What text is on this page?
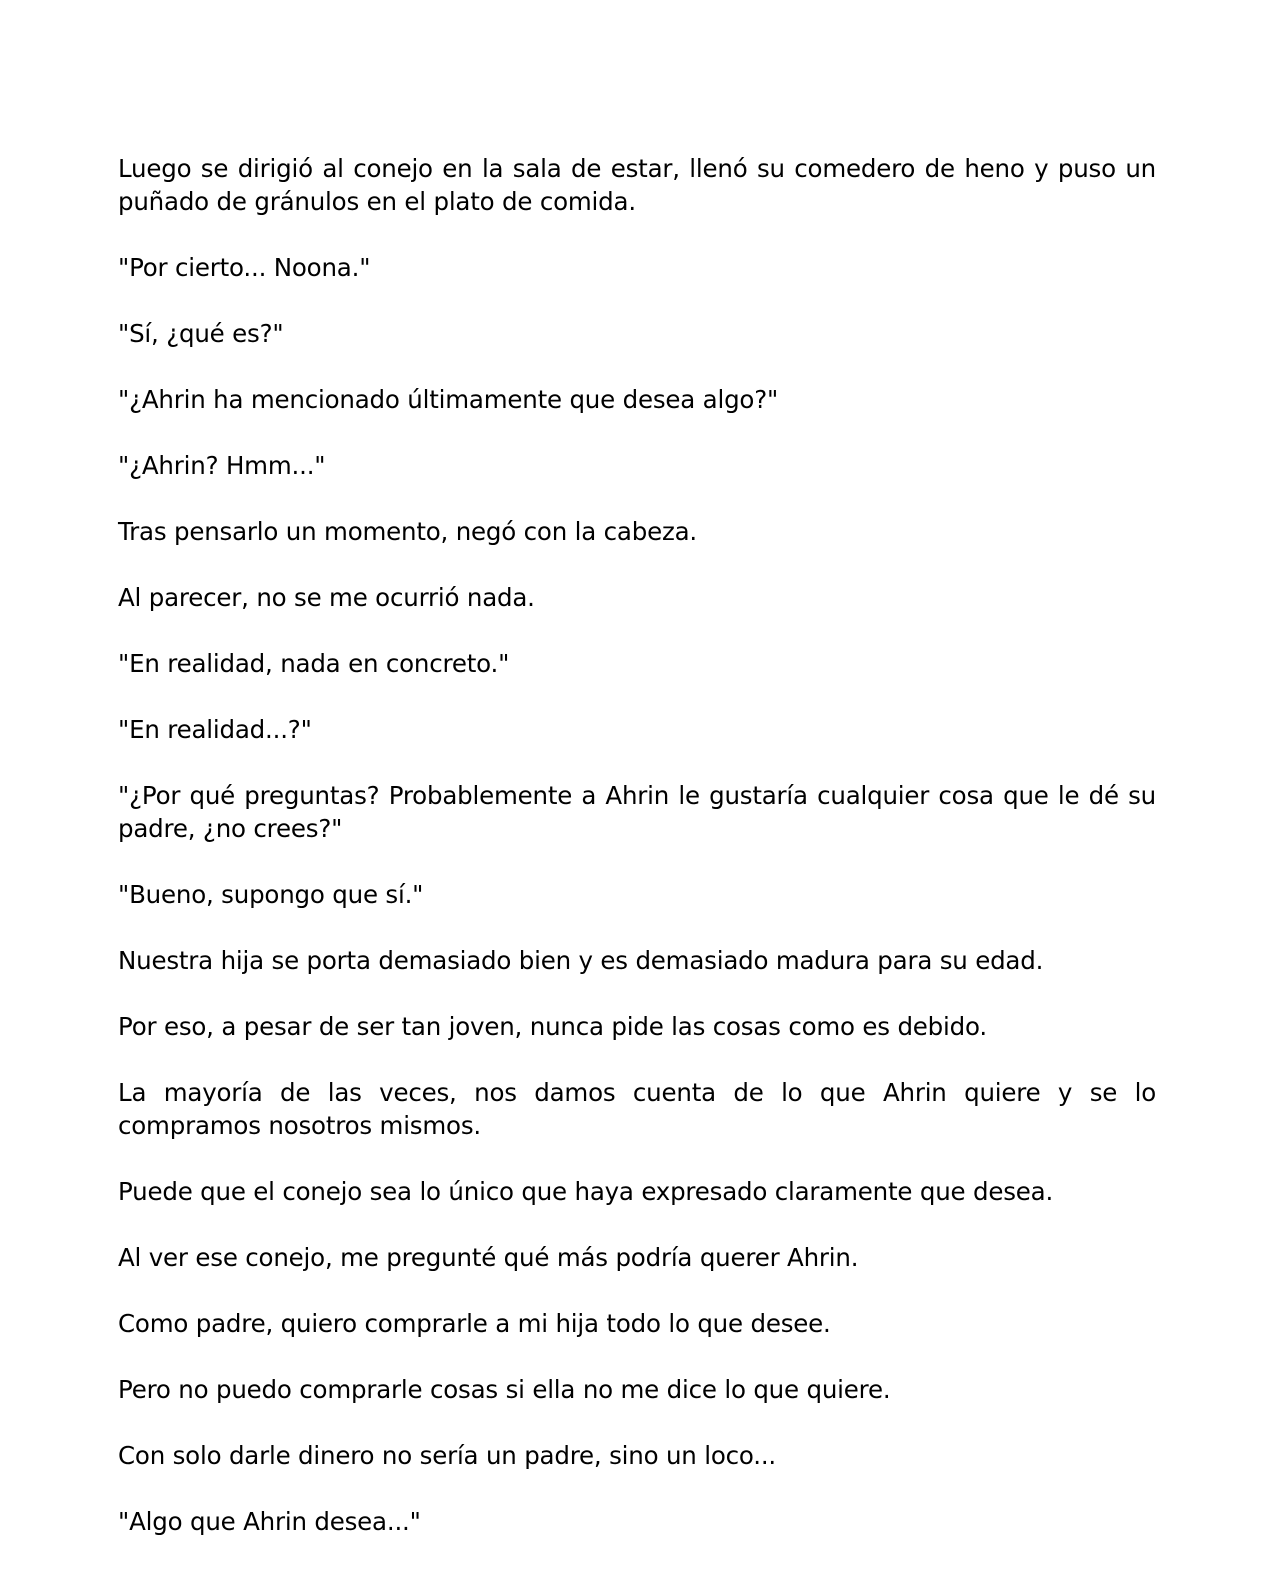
Luego se dirigió al conejo en la sala de estar, llenó su comedero de heno y puso un puñado de gránulos en el plato de comida.

"Por cierto... Noona."

"Sí, ¿qué es?"

"¿Ahrin ha mencionado últimamente que desea algo?"

"¿Ahrin? Hmm..."

Tras pensarlo un momento, negó con la cabeza.

Al parecer, no se me ocurrió nada.

"En realidad, nada en concreto."

"En realidad...?"

"¿Por qué preguntas? Probablemente a Ahrin le gustaría cualquier cosa que le dé su padre, ¿no crees?"

"Bueno, supongo que sí."

Nuestra hija se porta demasiado bien y es demasiado madura para su edad.

Por eso, a pesar de ser tan joven, nunca pide las cosas como es debido.

La mayoría de las veces, nos damos cuenta de lo que Ahrin quiere y se lo compramos nosotros mismos.

Puede que el conejo sea lo único que haya expresado claramente que desea.

Al ver ese conejo, me pregunté qué más podría querer Ahrin.

Como padre, quiero comprarle a mi hija todo lo que desee.

Pero no puedo comprarle cosas si ella no me dice lo que quiere.

Con solo darle dinero no sería un padre, sino un loco...

"Algo que Ahrin desea..."
